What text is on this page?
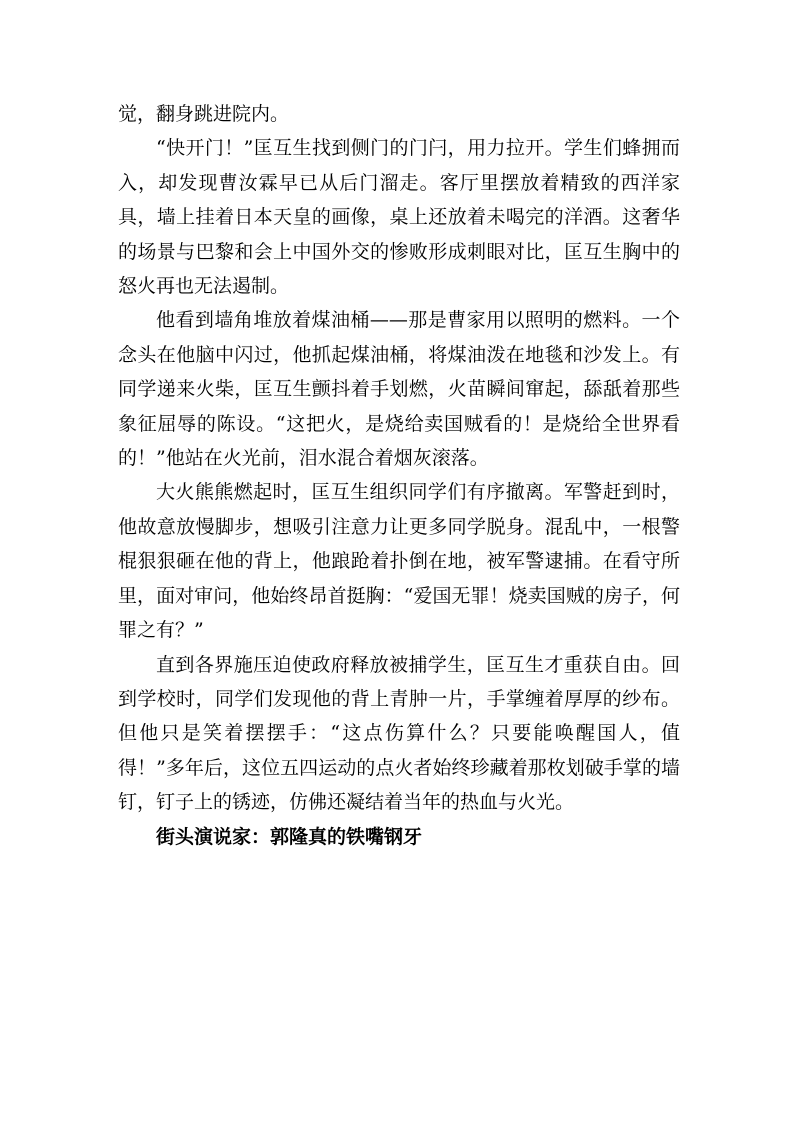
觉，翻身跳进院内。

“快开门！”匡互生找到侧门的门闩，用力拉开。学生们蜂拥而入，却发现曹汝霖早已从后门溜走。客厅里摆放着精致的西洋家具，墙上挂着日本天皇的画像，桌上还放着未喝完的洋酒。这奢华的场景与巴黎和会上中国外交的惨败形成刺眼对比，匡互生胸中的怒火再也无法遏制。

他看到墙角堆放着煤油桶——那是曹家用以照明的燃料。一个念头在他脑中闪过，他抓起煤油桶，将煤油泼在地毯和沙发上。有同学递来火柴，匡互生颤抖着手划燃，火苗瞬间窜起，舔舐着那些象征屈辱的陈设。“这把火，是烧给卖国贼看的！是烧给全世界看的！”他站在火光前，泪水混合着烟灰滚落。

大火熊熊燃起时，匡互生组织同学们有序撤离。军警赶到时，他故意放慢脚步，想吸引注意力让更多同学脱身。混乱中，一根警棍狠狠砸在他的背上，他踉跄着扑倒在地，被军警逮捕。在看守所里，面对审问，他始终昂首挺胸：“爱国无罪！烧卖国贼的房子，何罪之有？”

直到各界施压迫使政府释放被捕学生，匡互生才重获自由。回到学校时，同学们发现他的背上青肿一片，手掌缠着厚厚的纱布。但他只是笑着摆摆手：“这点伤算什么？只要能唤醒国人，值得！”多年后，这位五四运动的点火者始终珍藏着那枚划破手掌的墙钉，钉子上的锈迹，仿佛还凝结着当年的热血与火光。

街头演说家：郭隆真的铁嘴钢牙
